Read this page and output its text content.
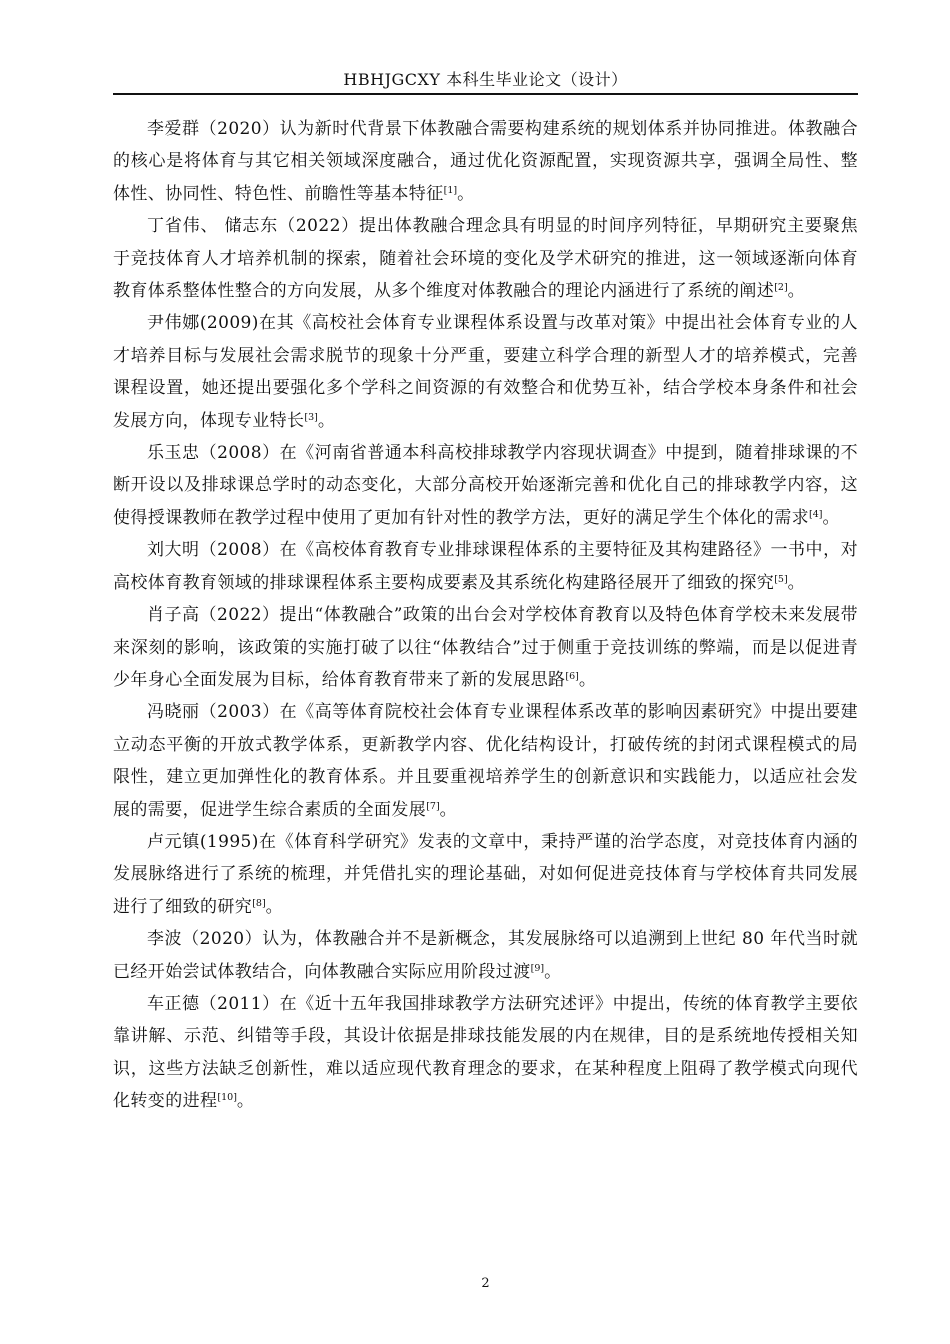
HBHJGCXY 本科生毕业论文（设计）

李爱群（2020）认为新时代背景下体教融合需要构建系统的规划体系并协同推进。体教融合的核心是将体育与其它相关领域深度融合，通过优化资源配置，实现资源共享，强调全局性、整体性、协同性、特色性、前瞻性等基本特征[1]。

丁省伟、 储志东（2022）提出体教融合理念具有明显的时间序列特征，早期研究主要聚焦于竞技体育人才培养机制的探索，随着社会环境的变化及学术研究的推进，这一领域逐渐向体育教育体系整体性整合的方向发展，从多个维度对体教融合的理论内涵进行了系统的阐述[2]。

尹伟娜(2009)在其《高校社会体育专业课程体系设置与改革对策》中提出社会体育专业的人才培养目标与发展社会需求脱节的现象十分严重，要建立科学合理的新型人才的培养模式，完善课程设置，她还提出要强化多个学科之间资源的有效整合和优势互补，结合学校本身条件和社会发展方向，体现专业特长[3]。

乐玉忠（2008）在《河南省普通本科高校排球教学内容现状调查》中提到，随着排球课的不断开设以及排球课总学时的动态变化，大部分高校开始逐渐完善和优化自己的排球教学内容，这使得授课教师在教学过程中使用了更加有针对性的教学方法，更好的满足学生个体化的需求[4]。

刘大明（2008）在《高校体育教育专业排球课程体系的主要特征及其构建路径》一书中，对高校体育教育领域的排球课程体系主要构成要素及其系统化构建路径展开了细致的探究[5]。

肖子高（2022）提出“体教融合”政策的出台会对学校体育教育以及特色体育学校未来发展带来深刻的影响，该政策的实施打破了以往“体教结合”过于侧重于竞技训练的弊端，而是以促进青少年身心全面发展为目标，给体育教育带来了新的发展思路[6]。

冯晓丽（2003）在《高等体育院校社会体育专业课程体系改革的影响因素研究》中提出要建立动态平衡的开放式教学体系，更新教学内容、优化结构设计，打破传统的封闭式课程模式的局限性，建立更加弹性化的教育体系。并且要重视培养学生的创新意识和实践能力，以适应社会发展的需要，促进学生综合素质的全面发展[7]。

卢元镇(1995)在《体育科学研究》发表的文章中，秉持严谨的治学态度，对竞技体育内涵的发展脉络进行了系统的梳理，并凭借扎实的理论基础，对如何促进竞技体育与学校体育共同发展进行了细致的研究[8]。

李波（2020）认为，体教融合并不是新概念，其发展脉络可以追溯到上世纪 80 年代当时就已经开始尝试体教结合，向体教融合实际应用阶段过渡[9]。

车正德（2011）在《近十五年我国排球教学方法研究述评》中提出，传统的体育教学主要依靠讲解、示范、纠错等手段，其设计依据是排球技能发展的内在规律，目的是系统地传授相关知识，这些方法缺乏创新性，难以适应现代教育理念的要求，在某种程度上阻碍了教学模式向现代化转变的进程[10]。

2
